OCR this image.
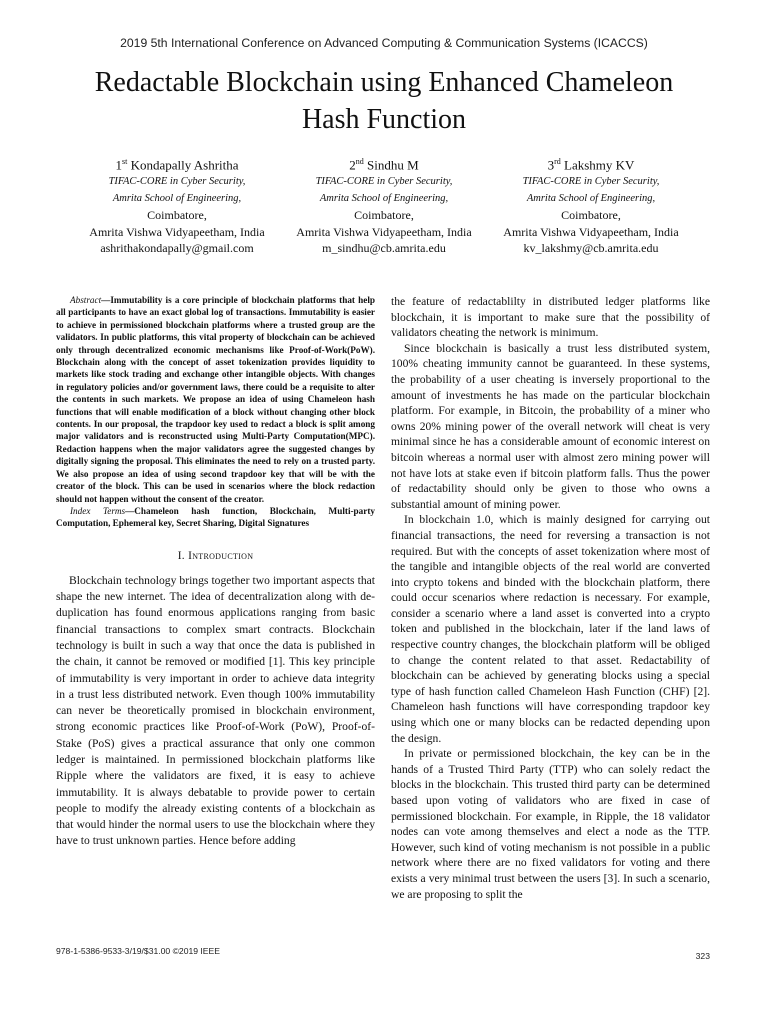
2019 5th International Conference on Advanced Computing & Communication Systems (ICACCS)
Redactable Blockchain using Enhanced Chameleon
Hash Function
1st Kondapally Ashritha
TIFAC-CORE in Cyber Security,
Amrita School of Engineering,
Coimbatore,
Amrita Vishwa Vidyapeetham, India
ashrithakondapally@gmail.com
2nd Sindhu M
TIFAC-CORE in Cyber Security,
Amrita School of Engineering,
Coimbatore,
Amrita Vishwa Vidyapeetham, India
m_sindhu@cb.amrita.edu
3rd Lakshmy KV
TIFAC-CORE in Cyber Security,
Amrita School of Engineering,
Coimbatore,
Amrita Vishwa Vidyapeetham, India
kv_lakshmy@cb.amrita.edu

Abstract—Immutability is a core principle of blockchain platforms that help all participants to have an exact global log of transactions. Immutability is easier to achieve in permissioned blockchain platforms where a trusted group are the validators. In public platforms, this vital property of blockchain can be achieved only through decentralized economic mechanisms like Proof-of-Work(PoW). Blockchain along with the concept of asset tokenization provides liquidity to markets like stock trading and exchange other intangible objects. With changes in regulatory policies and/or government laws, there could be a requisite to alter the contents in such markets. We propose an idea of using Chameleon hash functions that will enable modification of a block without changing other block contents. In our proposal, the trapdoor key used to redact a block is split among major validators and is reconstructed using Multi-Party Computation(MPC). Redaction happens when the major validators agree the suggested changes by digitally signing the proposal. This eliminates the need to rely on a trusted party. We also propose an idea of using second trapdoor key that will be with the creator of the block. This can be used in scenarios where the block redaction should not happen without the consent of the creator.

Index Terms—Chameleon hash function, Blockchain, Multi-party Computation, Ephemeral key, Secret Sharing, Digital Signatures

I. Introduction

Blockchain technology brings together two important aspects that shape the new internet. The idea of decentralization along with de-duplication has found enormous applications ranging from basic financial transactions to complex smart contracts. Blockchain technology is built in such a way that once the data is published in the chain, it cannot be removed or modified [1]. This key principle of immutability is very important in order to achieve data integrity in a trust less distributed network. Even though 100% immutability can never be theoretically promised in blockchain environment, strong economic practices like Proof-of-Work (PoW), Proof-of-Stake (PoS) gives a practical assurance that only one common ledger is maintained. In permissioned blockchain platforms like Ripple where the validators are fixed, it is easy to achieve immutability. It is always debatable to provide power to certain people to modify the already existing contents of a blockchain as that would hinder the normal users to use the blockchain where they have to trust unknown parties. Hence before adding

the feature of redactablilty in distributed ledger platforms like blockchain, it is important to make sure that the possibility of validators cheating the network is minimum.

Since blockchain is basically a trust less distributed system, 100% cheating immunity cannot be guaranteed. In these systems, the probability of a user cheating is inversely proportional to the amount of investments he has made on the particular blockchain platform. For example, in Bitcoin, the probability of a miner who owns 20% mining power of the overall network will cheat is very minimal since he has a considerable amount of economic interest on bitcoin whereas a normal user with almost zero mining power will not have lots at stake even if bitcoin platform falls. Thus the power of redactability should only be given to those who owns a substantial amount of mining power.

In blockchain 1.0, which is mainly designed for carrying out financial transactions, the need for reversing a transaction is not required. But with the concepts of asset tokenization where most of the tangible and intangible objects of the real world are converted into crypto tokens and binded with the blockchain platform, there could occur scenarios where redaction is necessary. For example, consider a scenario where a land asset is converted into a crypto token and published in the blockchain, later if the land laws of respective country changes, the blockchain platform will be obliged to change the content related to that asset. Redactability of blockchain can be achieved by generating blocks using a special type of hash function called Chameleon Hash Function (CHF) [2]. Chameleon hash functions will have corresponding trapdoor key using which one or many blocks can be redacted depending upon the design.

In private or permissioned blockchain, the key can be in the hands of a Trusted Third Party (TTP) who can solely redact the blocks in the blockchain. This trusted third party can be determined based upon voting of validators who are fixed in case of permissioned blockchain. For example, in Ripple, the 18 validator nodes can vote among themselves and elect a node as the TTP. However, such kind of voting mechanism is not possible in a public network where there are no fixed validators for voting and there exists a very minimal trust between the users [3]. In such a scenario, we are proposing to split the

978-1-5386-9533-3/19/$31.00 ©2019 IEEE	323
